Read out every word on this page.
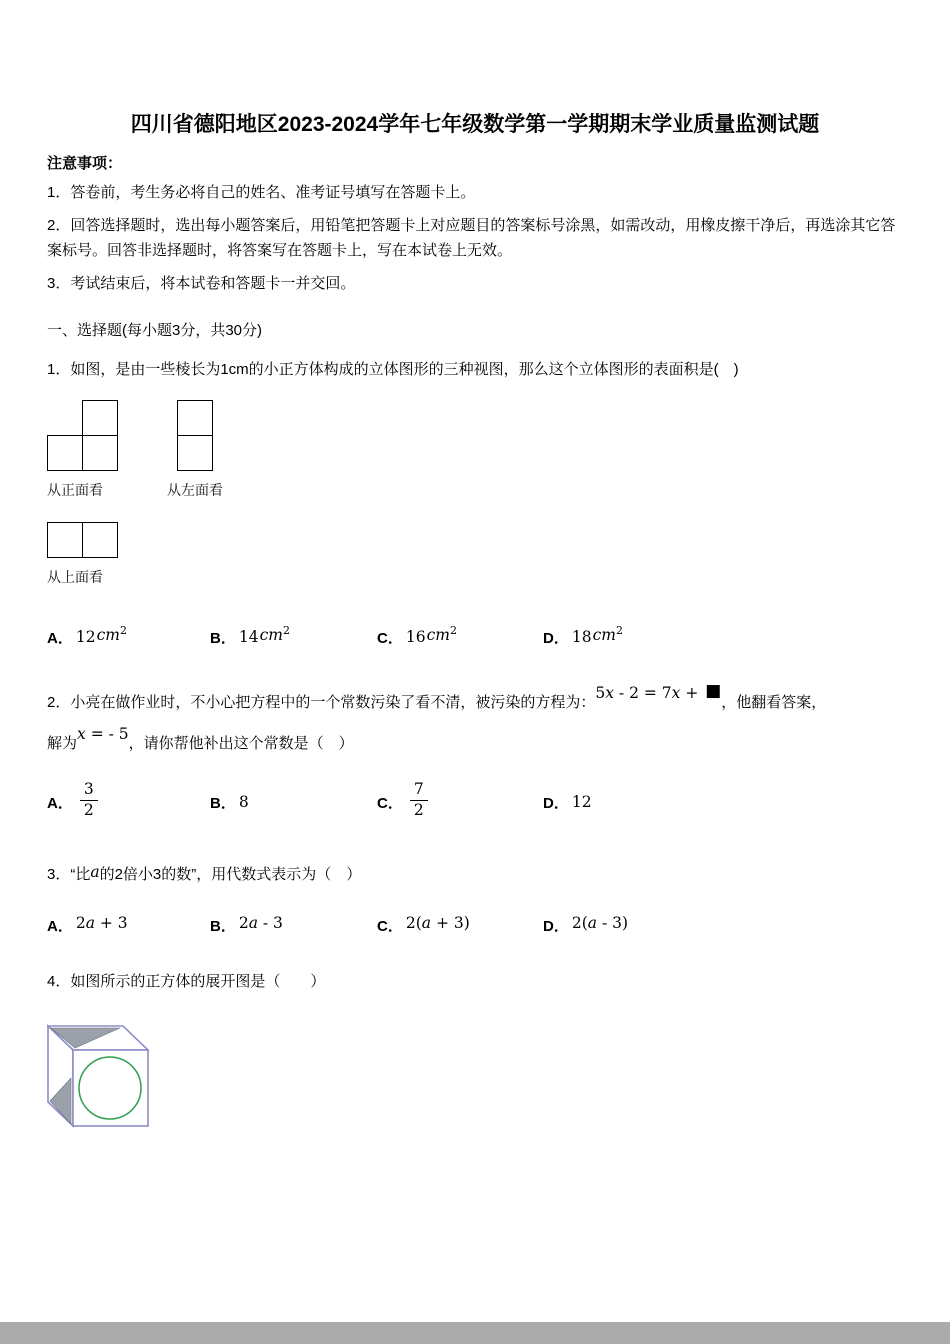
四川省德阳地区2023-2024学年七年级数学第一学期期末学业质量监测试题
注意事项：
1．答卷前，考生务必将自己的姓名、准考证号填写在答题卡上。
2．回答选择题时，选出每小题答案后，用铅笔把答题卡上对应题目的答案标号涂黑，如需改动，用橡皮擦干净后，再选涂其它答案标号。回答非选择题时，将答案写在答题卡上，写在本试卷上无效。
3．考试结束后，将本试卷和答题卡一并交回。
一、选择题(每小题3分，共30分)
1．如图，是由一些棱长为1cm的小正方体构成的立体图形的三种视图，那么这个立体图形的表面积是(　)
从正面看	从左面看
从上面看
A． 12 $cm^2$	B． 14 $cm^2$	C． 16 $cm^2$	D． 18 $cm^2$
2．小亮在做作业时，不小心把方程中的一个常数污染了看不清，被污染的方程为：5x - 2 = 7x + ■，他翻看答案，
解为x = - 5，请你帮他补出这个常数是（　）
A． $\frac{3}{2}$	B． 8	C． $\frac{7}{2}$	D． 12
3．“比a的2倍小3的数”，用代数式表示为（　）
A． 2a + 3	B． 2a - 3	C． 2(a + 3)	D． 2(a - 3)
4．如图所示的正方体的展开图是（　　）
